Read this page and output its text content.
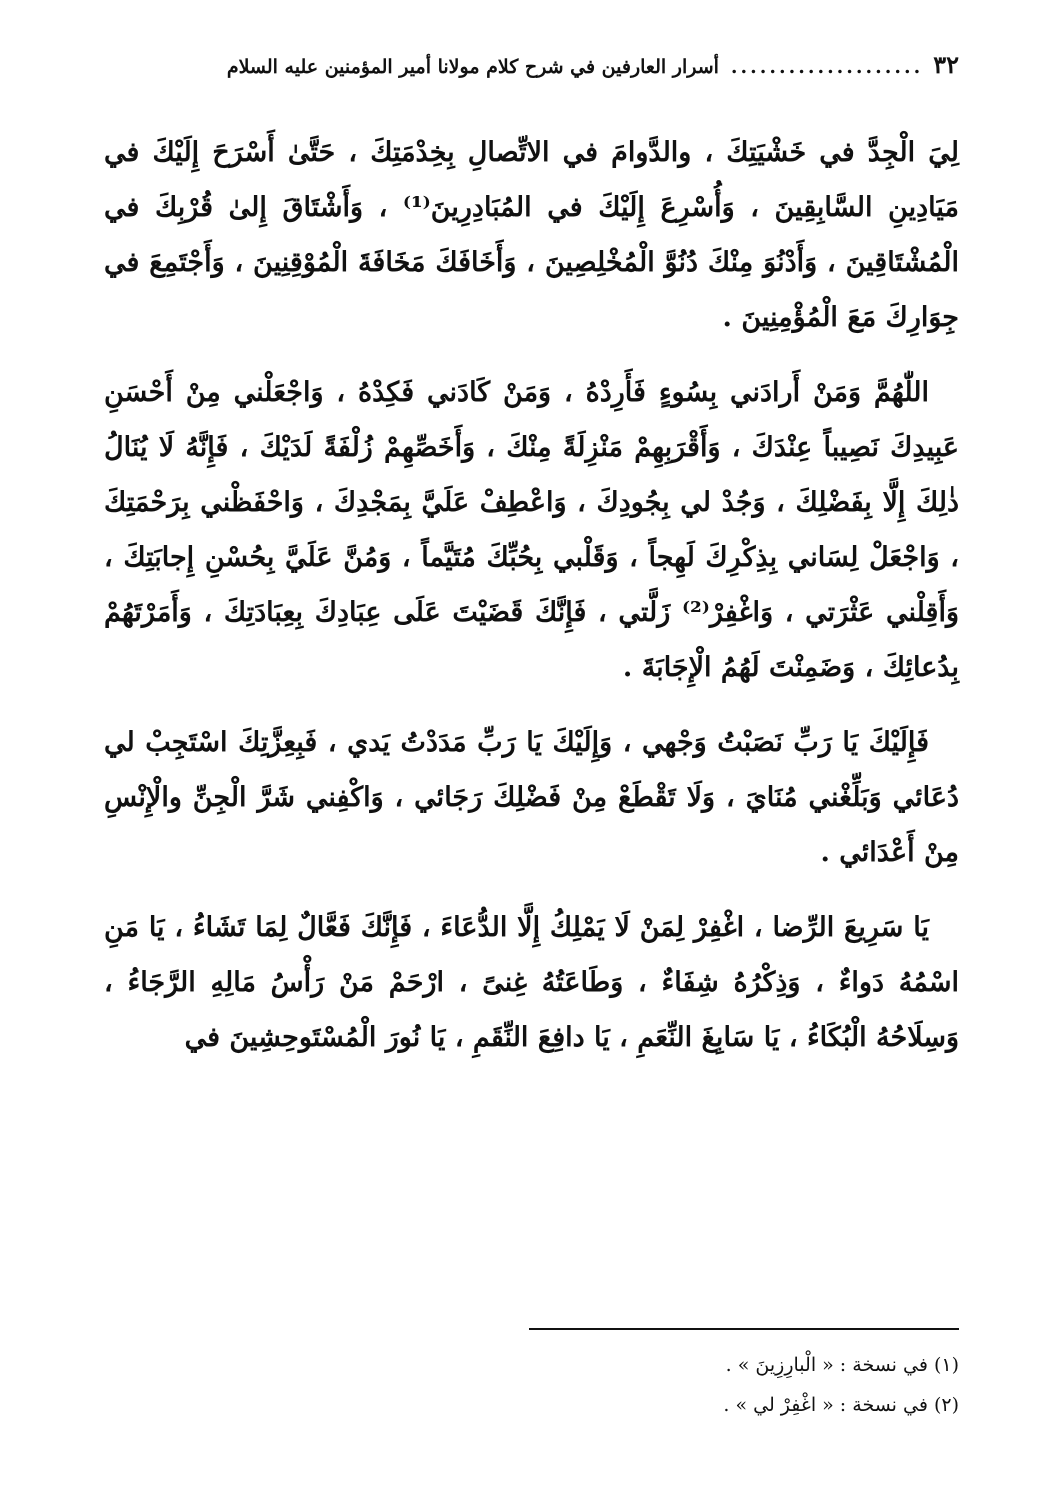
٣٢
....................
أسرار العارفين في شرح كلام مولانا أمير المؤمنين عليه السلام

لِيَ الْجِدَّ في خَشْيَتِكَ ، والدَّوامَ في الاتِّصالِ بِخِدْمَتِكَ ، حَتَّىٰ أَسْرَحَ إِلَيْكَ في مَيَادِينِ السَّابِقِينَ ، وَأُسْرِعَ إِلَيْكَ في المُبَادِرِينَ⁽¹⁾ ، وَأَشْتَاقَ إِلىٰ قُرْبِكَ في الْمُشْتَاقِينَ ، وَأَدْنُوَ مِنْكَ دُنُوَّ الْمُخْلِصِينَ ، وَأَخَافَكَ مَخَافَةَ الْمُوْقِنِينَ ، وَأَجْتَمِعَ في جِوَارِكَ مَعَ الْمُؤْمِنِينَ .

اللّٰهُمَّ وَمَنْ أَرادَني بِسُوءٍ فَأَرِدْهُ ، وَمَنْ كَادَني فَكِدْهُ ، وَاجْعَلْني مِنْ أَحْسَنِ عَبِيدِكَ نَصِيباً عِنْدَكَ ، وَأَقْرَبِهِمْ مَنْزِلَةً مِنْكَ ، وَأَخَصِّهِمْ زُلْفَةً لَدَيْكَ ، فَإِنَّهُ لَا يُنَالُ ذٰلِكَ إِلَّا بِفَضْلِكَ ، وَجُدْ لي بِجُودِكَ ، وَاعْطِفْ عَلَيَّ بِمَجْدِكَ ، وَاحْفَظْني بِرَحْمَتِكَ ، وَاجْعَلْ لِسَاني بِذِكْرِكَ لَهِجاً ، وَقَلْبي بِحُبِّكَ مُتَيَّماً ، وَمُنَّ عَلَيَّ بِحُسْنِ إِجابَتِكَ ، وَأَقِلْني عَثْرَتي ، وَاغْفِرْ⁽²⁾ زَلَّتي ، فَإِنَّكَ قَضَيْتَ عَلَى عِبَادِكَ بِعِبَادَتِكَ ، وَأَمَرْتَهُمْ بِدُعائِكَ ، وَضَمِنْتَ لَهُمُ الْإِجَابَةَ .

فَإِلَيْكَ يَا رَبِّ نَصَبْتُ وَجْهي ، وَإِلَيْكَ يَا رَبِّ مَدَدْتُ يَدي ، فَبِعِزَّتِكَ اسْتَجِبْ لي دُعَائي وَبَلِّغْني مُنَايَ ، وَلَا تَقْطَعْ مِنْ فَضْلِكَ رَجَائي ، وَاكْفِني شَرَّ الْجِنِّ والْإِنْسِ مِنْ أَعْدَائي .

يَا سَرِيعَ الرِّضا ، اغْفِرْ لِمَنْ لَا يَمْلِكُ إِلَّا الدُّعَاءَ ، فَإِنَّكَ فَعَّالٌ لِمَا تَشَاءُ ، يَا مَنِ اسْمُهُ دَواءٌ ، وَذِكْرُهُ شِفَاءٌ ، وَطَاعَتُهُ غِنىً ، ارْحَمْ مَنْ رَأْسُ مَالِهِ الرَّجَاءُ ، وَسِلَاحُهُ الْبُكَاءُ ، يَا سَابِغَ النِّعَمِ ، يَا دافِعَ النِّقَمِ ، يَا نُورَ الْمُسْتَوحِشِينَ في

(١) في نسخة : « الْبارِزِينَ » .
(٢) في نسخة : « اغْفِرْ لي » .
